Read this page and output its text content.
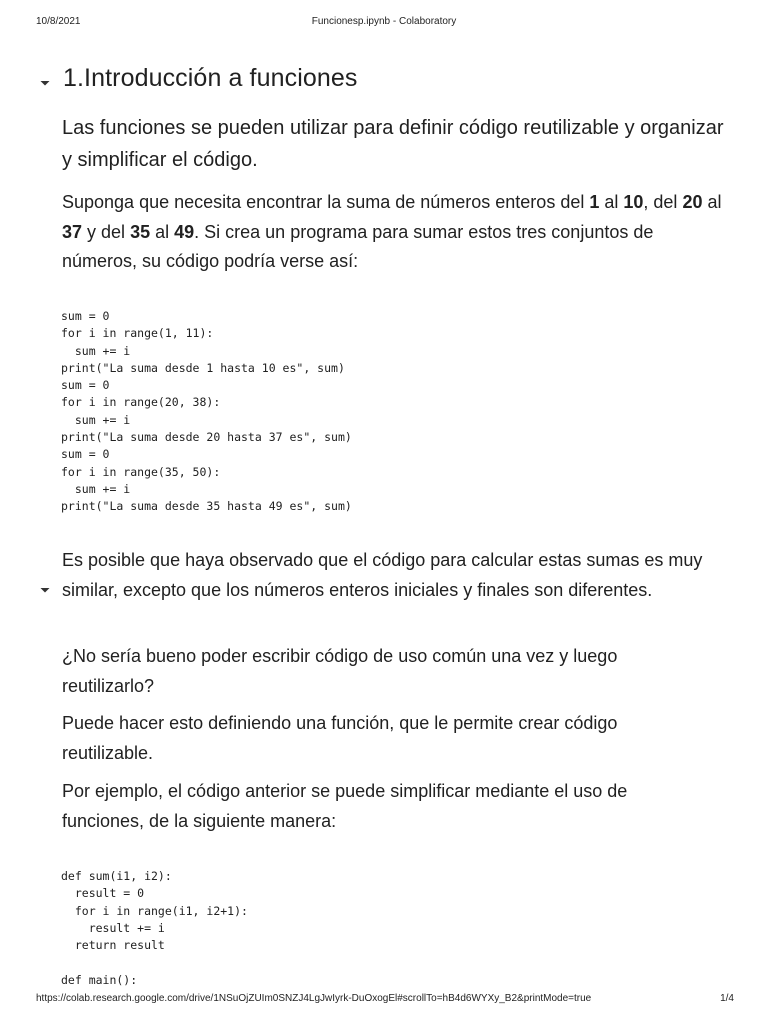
10/8/2021	Funcionesp.ipynb - Colaboratory
1.Introducción a funciones

Las funciones se pueden utilizar para definir código reutilizable y organizar y simplificar el código.

Suponga que necesita encontrar la suma de números enteros del 1 al 10, del 20 al 37 y del 35 al 49. Si crea un programa para sumar estos tres conjuntos de números, su código podría verse así:

sum = 0
for i in range(1, 11):
sum += i
print("La suma desde 1 hasta 10 es", sum)
sum = 0
for i in range(20, 38):
sum += i
print("La suma desde 20 hasta 37 es", sum)
sum = 0
for i in range(35, 50):
sum += i
print("La suma desde 35 hasta 49 es", sum)

Es posible que haya observado que el código para calcular estas sumas es muy similar, excepto que los números enteros iniciales y finales son diferentes.

¿No sería bueno poder escribir código de uso común una vez y luego reutilizarlo?

Puede hacer esto definiendo una función, que le permite crear código reutilizable.

Por ejemplo, el código anterior se puede simplificar mediante el uso de funciones, de la siguiente manera:

def sum(i1, i2):
result = 0
for i in range(i1, i2+1):
result += i
return result
def main():
https://colab.research.google.com/drive/1NSuOjZUIm0SNZJ4LgJwIyrk-DuOxogEl#scrollTo=hB4d6WYXy_B2&printMode=true	1/4
